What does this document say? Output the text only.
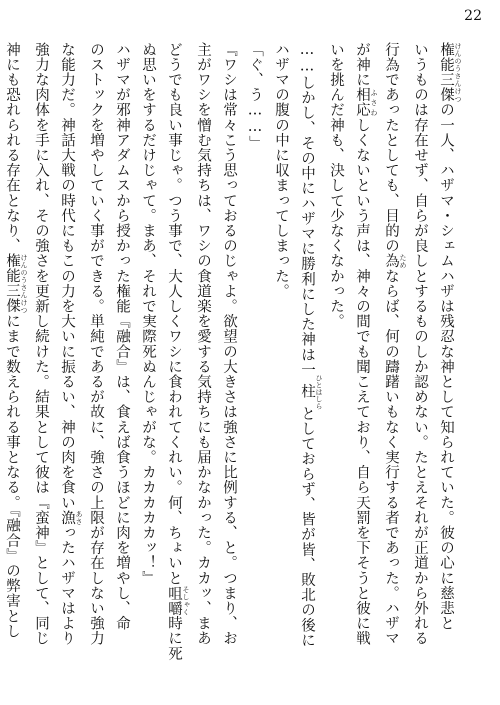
22
権能三傑 けんのうさんけつの一人、ハザマ・シェムハザは残忍な神として知られていた。彼の心に慈悲と
いうものは存在せず、自らが良しとするものしか認めない。たとえそれが正道から外れる
行為であったとしても、目的の為 ためならば、何の躊躇いもなく実行する者であった。ハザマ
が神に相応 ふさわしくないという声は、神々の間でも聞こえており、自ら天罰を下そうと彼に戦
いを挑んだ神も、決して少なくなかった。
……しかし、その中にハザマに勝利にした神は一柱 ひとはしらとしておらず、皆が皆、敗北の後に
ハザマの腹の中に収まってしまった。
「ぐ、う……」
『ワシは常々こう思っておるのじゃよ。欲望の大きさは強さに比例する、と。つまり、お
主がワシを憎む気持ちは、ワシの食道楽を愛する気持ちにも届かなかった。カカッ、まあ
どうでも良い事じゃ。つう事で、大人しくワシに食われてくれい。何、ちょいと咀嚼 そしゃく時に死
ぬ思いをするだけじゃて。まあ、それで実際死ぬんじゃがな。カカカカカッ！』
ハザマが邪神アダムスから授かった権能『融合』は、食えば食うほどに肉を増やし、命
のストックを増やしていく事ができる。単純であるが故に、強さの上限が存在しない強力
な能力だ。神話大戦の時代にもこの力を大いに振るい、神の肉を食い漁 あさったハザマはより
強力な肉体を手に入れ、その強さを更新し続けた。結果として彼は『蛮神』として、同じ
神にも恐れられる存在となり、権能三傑 けんのうさんけつにまで数えられる事となる。『融合』の弊害とし
